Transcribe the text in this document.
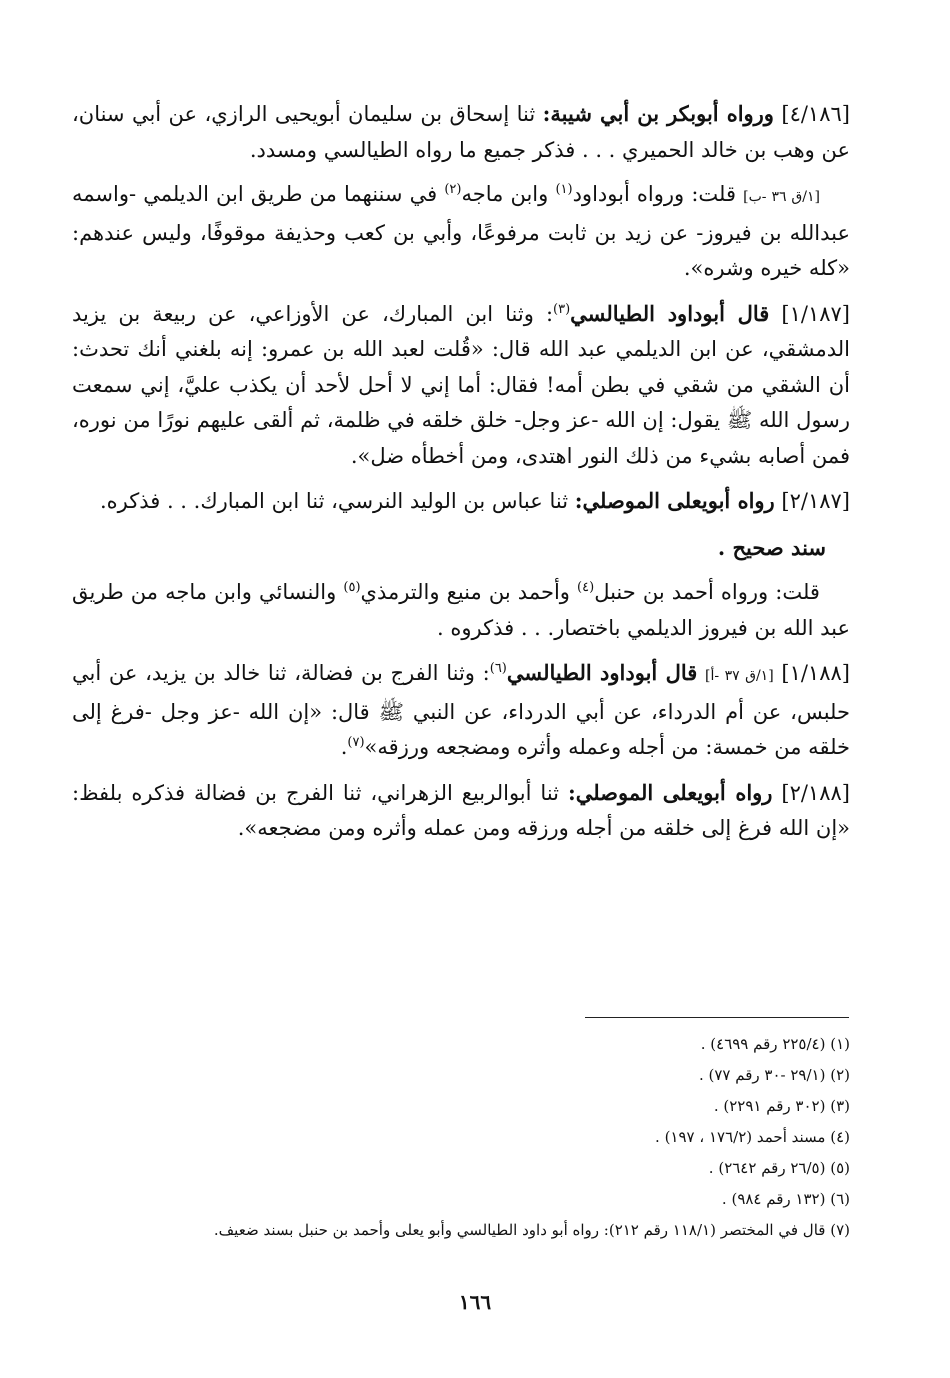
[٤/١٨٦] ورواه أبوبكر بن أبي شيبة: ثنا إسحاق بن سليمان أبويحيى الرازي، عن أبي سنان، عن وهب بن خالد الحميري . . . فذكر جميع ما رواه الطيالسي ومسدد.

[١/ق ٣٦ -ب] قلت: ورواه أبوداود$^{(١)}$ وابن ماجه$^{(٢)}$ في سننهما من طريق ابن الديلمي -واسمه عبدالله بن فيروز- عن زيد بن ثابت مرفوعًا، وأبي بن كعب وحذيفة موقوفًا، وليس عندهم: «كله خيره وشره».

[١/١٨٧] قال أبوداود الطيالسي$^{(٣)}$: وثنا ابن المبارك، عن الأوزاعي، عن ربيعة بن يزيد الدمشقي، عن ابن الديلمي عبد الله قال: «قُلت لعبد الله بن عمرو: إنه بلغني أنك تحدث: أن الشقي من شقي في بطن أمه! فقال: أما إني لا أحل لأحد أن يكذب عليَّ، إني سمعت رسول الله ﷺ يقول: إن الله -عز وجل- خلق خلقه في ظلمة، ثم ألقى عليهم نورًا من نوره، فمن أصابه بشيء من ذلك النور اهتدى، ومن أخطأه ضل».

[٢/١٨٧] رواه أبويعلى الموصلي: ثنا عباس بن الوليد النرسي، ثنا ابن المبارك. . . فذكره.

سند صحيح .

قلت: ورواه أحمد بن حنبل$^{(٤)}$ وأحمد بن منيع والترمذي$^{(٥)}$ والنسائي وابن ماجه من طريق عبد الله بن فيروز الديلمي باختصار. . . فذكروه .

[١/١٨٨] [١/ق ٣٧ -أ] قال أبوداود الطيالسي$^{(٦)}$: وثنا الفرج بن فضالة، ثنا خالد بن يزيد، عن أبي حلبس، عن أم الدرداء، عن أبي الدرداء، عن النبي ﷺ قال: «إن الله -عز وجل -فرغ إلى خلقه من خمسة: من أجله وعمله وأثره ومضجعه ورزقه»$^{(٧)}$.

[٢/١٨٨] رواه أبويعلى الموصلي: ثنا أبوالربيع الزهراني، ثنا الفرج بن فضالة فذكره بلفظ: «إن الله فرغ إلى خلقه من أجله ورزقه ومن عمله وأثره ومن مضجعه».

(١) (٢٢٥/٤ رقم ٤٦٩٩) .
(٢) (٢٩/١ -٣٠ رقم ٧٧) .
(٣) (٣٠٢ رقم ٢٢٩١) .
(٤) مسند أحمد (١٧٦/٢ ، ١٩٧) .
(٥) (٢٦/٥ رقم ٢٦٤٢) .
(٦) (١٣٢ رقم ٩٨٤) .
(٧) قال في المختصر (١١٨/١ رقم ٢١٢): رواه أبو داود الطيالسي وأبو يعلى وأحمد بن حنبل بسند ضعيف.
١٦٦
